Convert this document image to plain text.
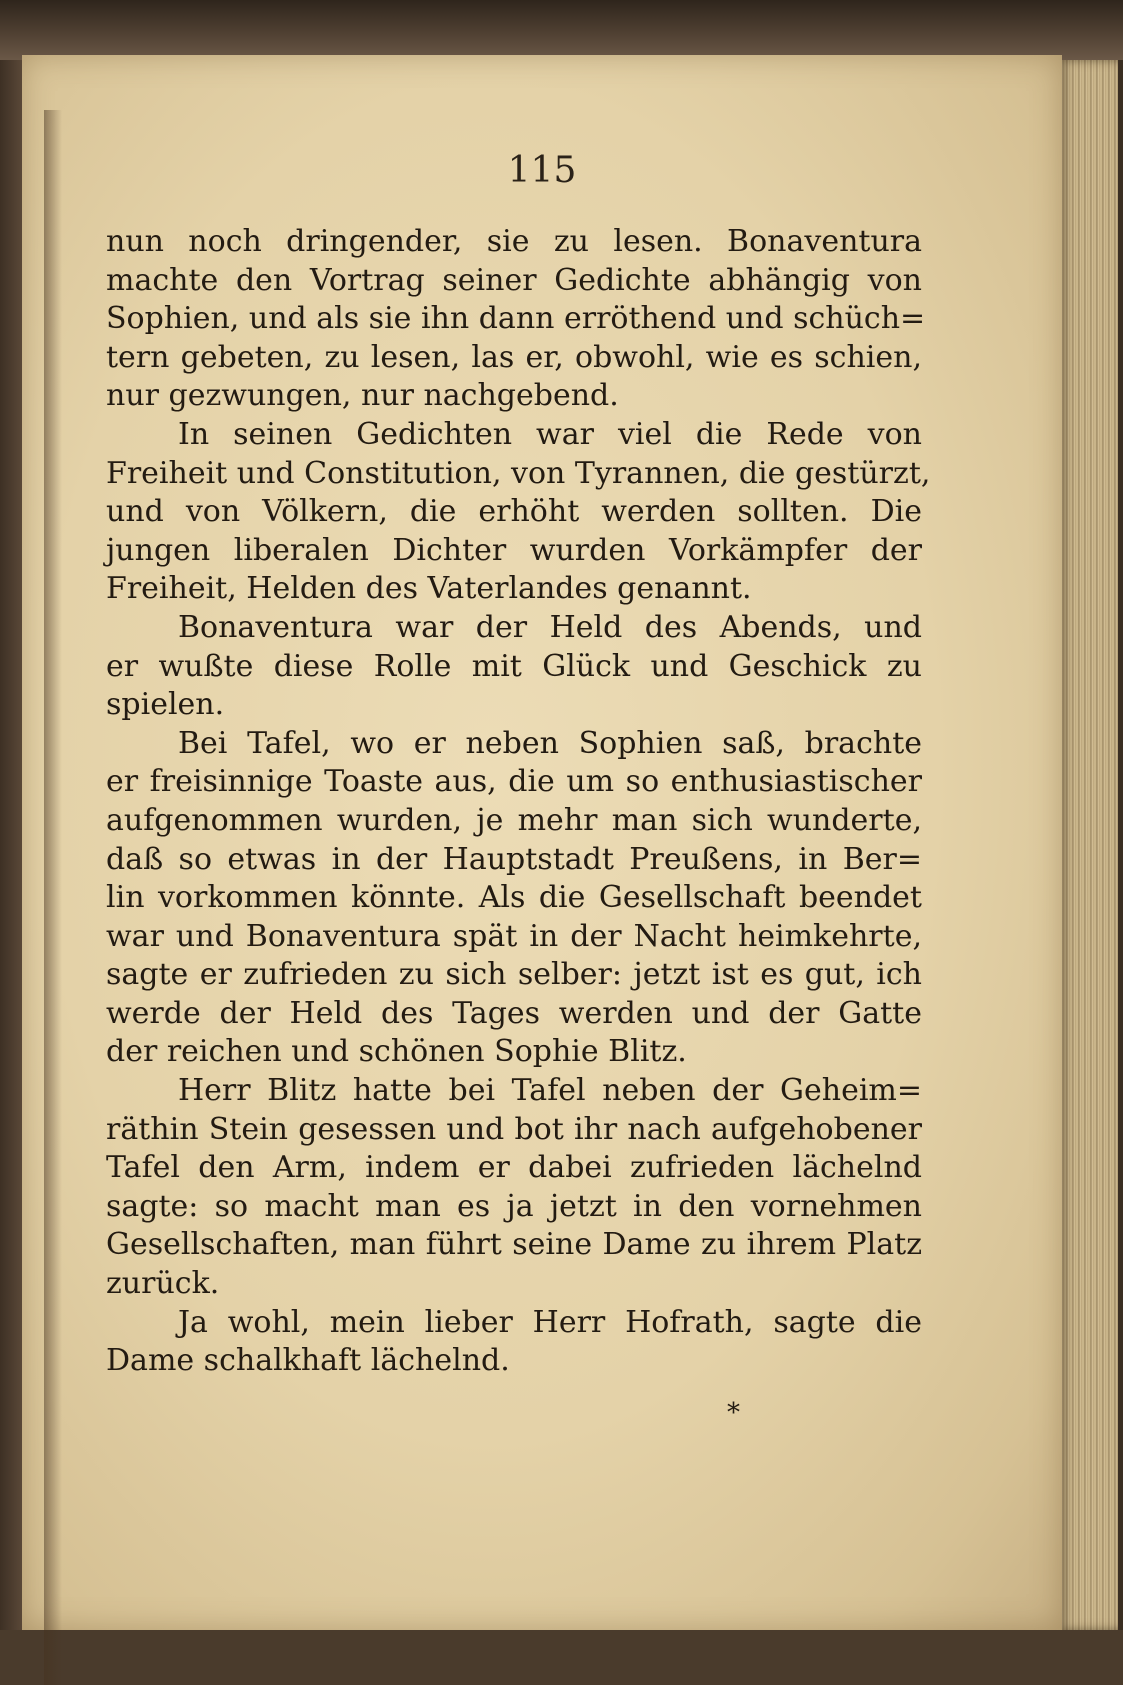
115
nun noch dringender, sie zu lesen. Bonaventura
machte den Vortrag seiner Gedichte abhängig von
Sophien, und als sie ihn dann erröthend und schüch=
tern gebeten, zu lesen, las er, obwohl, wie es schien,
nur gezwungen, nur nachgebend.
In seinen Gedichten war viel die Rede von
Freiheit und Constitution, von Tyrannen, die gestürzt,
und von Völkern, die erhöht werden sollten. Die
jungen liberalen Dichter wurden Vorkämpfer der
Freiheit, Helden des Vaterlandes genannt.
Bonaventura war der Held des Abends, und
er wußte diese Rolle mit Glück und Geschick zu
spielen.
Bei Tafel, wo er neben Sophien saß, brachte
er freisinnige Toaste aus, die um so enthusiastischer
aufgenommen wurden, je mehr man sich wunderte,
daß so etwas in der Hauptstadt Preußens, in Ber=
lin vorkommen könnte. Als die Gesellschaft beendet
war und Bonaventura spät in der Nacht heimkehrte,
sagte er zufrieden zu sich selber: jetzt ist es gut, ich
werde der Held des Tages werden und der Gatte
der reichen und schönen Sophie Blitz.
Herr Blitz hatte bei Tafel neben der Geheim=
räthin Stein gesessen und bot ihr nach aufgehobener
Tafel den Arm, indem er dabei zufrieden lächelnd
sagte: so macht man es ja jetzt in den vornehmen
Gesellschaften, man führt seine Dame zu ihrem Platz
zurück.
Ja wohl, mein lieber Herr Hofrath, sagte die
Dame schalkhaft lächelnd.
*
